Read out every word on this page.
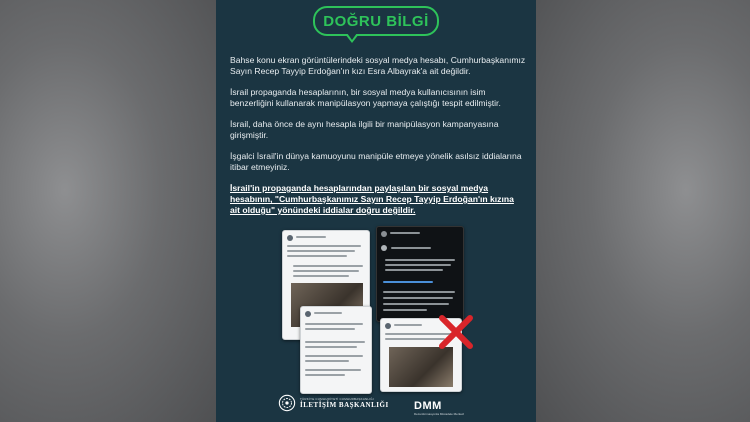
DOĞRU BİLGİ

Bahse konu ekran görüntülerindeki sosyal medya hesabı, Cumhurbaşkanımız Sayın Recep Tayyip Erdoğan'ın kızı Esra Albayrak'a ait değildir.

İsrail propaganda hesaplarının, bir sosyal medya kullanıcısının isim benzerliğini kullanarak manipülasyon yapmaya çalıştığı tespit edilmiştir.

İsrail, daha önce de aynı hesapla ilgili bir manipülasyon kampanyasına girişmiştir.

İşgalci İsrail'in dünya kamuoyunu manipüle etmeye yönelik asılsız iddialarına itibar etmeyiniz.

İsrail'in propaganda hesaplarından paylaşılan bir sosyal medya hesabının, "Cumhurbaşkanımız Sayın Recep Tayyip Erdoğan'ın kızına ait olduğu" yönündeki iddialar doğru değildir.

TÜRKİYE CUMHURİYETİ CUMHURBAŞKANLIĞI
İLETİŞİM BAŞKANLIĞI DMM
Dezenformasyonla Mücadele Merkezi
